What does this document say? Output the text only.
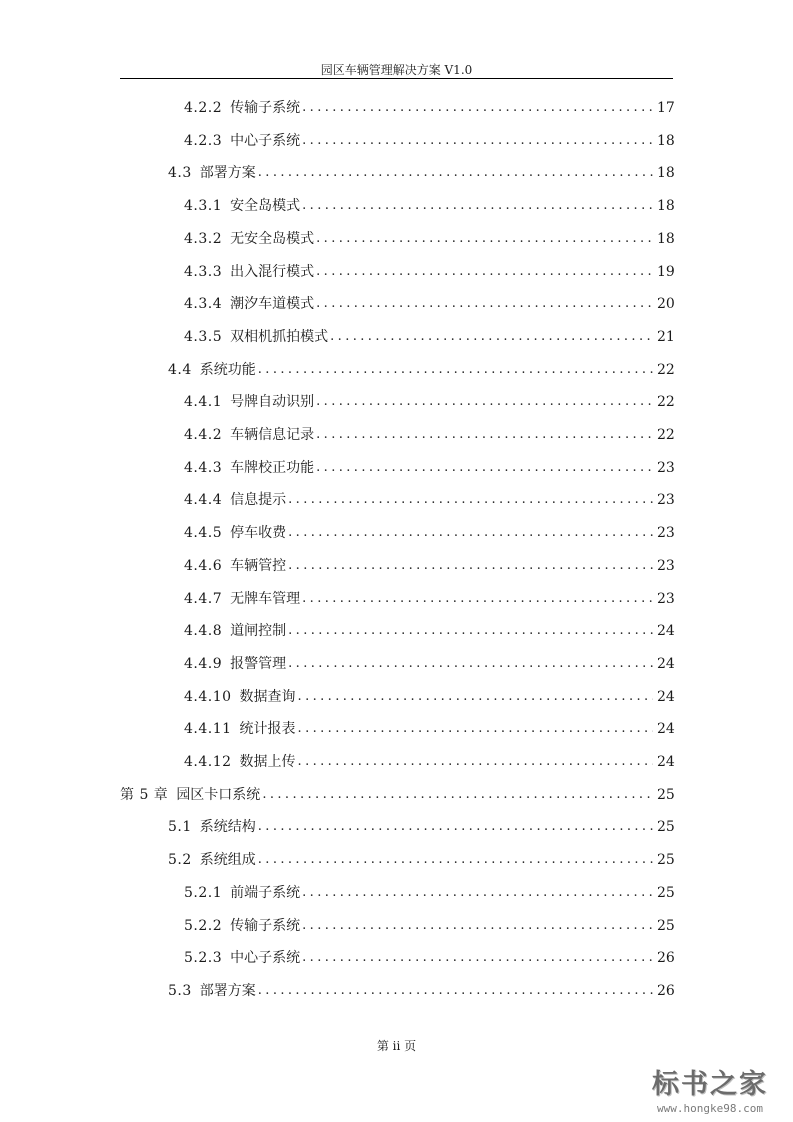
园区车辆管理解决方案 V1.0
4.2.2 传输子系统 .....	17
4.2.3 中心子系统 .....	18
4.3 部署方案 .....	18
4.3.1 安全岛模式 .....	18
4.3.2 无安全岛模式 .....	18
4.3.3 出入混行模式 .....	19
4.3.4 潮汐车道模式 .....	20
4.3.5 双相机抓拍模式 .....	21
4.4 系统功能 .....	22
4.4.1 号牌自动识别 .....	22
4.4.2 车辆信息记录 .....	22
4.4.3 车牌校正功能 .....	23
4.4.4 信息提示 .....	23
4.4.5 停车收费 .....	23
4.4.6 车辆管控 .....	23
4.4.7 无牌车管理 .....	23
4.4.8 道闸控制 .....	24
4.4.9 报警管理 .....	24
4.4.10 数据查询 .....	24
4.4.11 统计报表 .....	24
4.4.12 数据上传 .....	24
第 5 章 园区卡口系统 .....	25
5.1 系统结构 .....	25
5.2 系统组成 .....	25
5.2.1 前端子系统 .....	25
5.2.2 传输子系统 .....	25
5.2.3 中心子系统 .....	26
5.3 部署方案 .....	26
第 ii 页
标书之家
www.hongke98.com
